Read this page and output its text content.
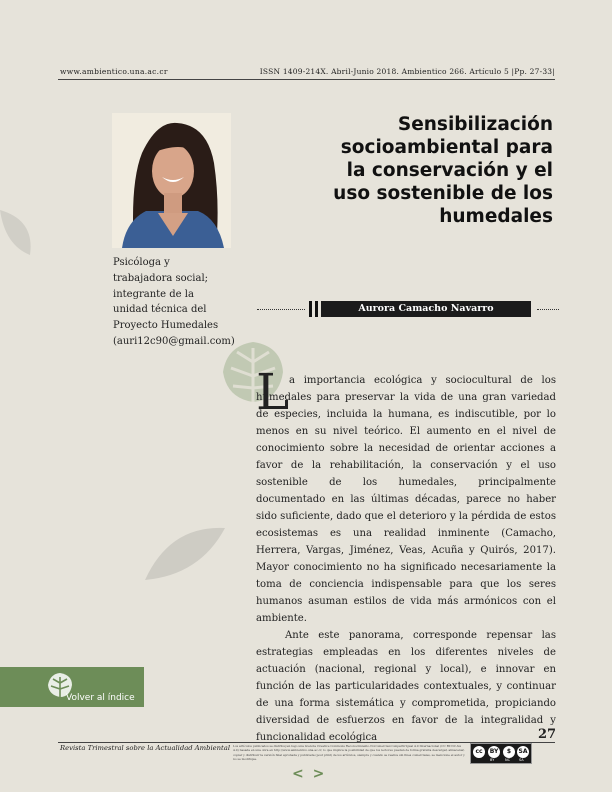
www.ambientico.una.ac.cr	ISSN 1409-214X. Abril-Junio 2018. Ambientico 266. Artículo 5 |Pp. 27-33|
Sensibilización
socioambiental para
la conservación y el
uso sostenible de los
humedales
Psicóloga y
trabajadora social;
integrante de la
unidad técnica del
Proyecto Humedales
(auri12c90@gmail.com)
Aurora Camacho Navarro
L a importancia ecológica y sociocultural de los humedales para preservar la vida de una gran variedad de especies, incluida la humana, es indiscutible, por lo menos en su nivel teórico. El aumento en el nivel de conocimiento sobre la necesidad de orientar acciones a favor de la rehabilitación, la conservación y el uso sostenible de los humedales, principalmente documentado en las últimas décadas, parece no haber sido suficiente, dado que el deterioro y la pérdida de estos ecosistemas es una realidad inminente (Camacho, Herrera, Vargas, Jiménez, Veas, Acuña y Quirós, 2017). Mayor conocimiento no ha significado necesariamente la toma de conciencia indispensable para que los seres humanos asuman estilos de vida más armónicos con el ambiente.

Ante este panorama, corresponde repensar las estrategias empleadas en los diferentes niveles de actuación (nacional, regional y local), e innovar en función de las particularidades contextuales, y continuar de una forma sistemática y comprometida, propiciando diversidad de esfuerzos en favor de la integralidad y funcionalidad ecológica

Volver al índice
27
Revista Trimestral sobre la Actualidad Ambiental Los artículos publicados se distribuyen bajo una licencia Creative Commons Reconocimiento-NoComercial-CompartirIgual 4.0 Internacional (CC BY-NC-SA 4.0) basada en una obra en http://www.ambientico.una.ac.cr, lo que implica la posibilidad de que los lectores puedan de forma gratuita descargar, almacenar, copiar y distribuir la versión final aprobada y publicada (post print) de los artículos, siempre y cuando se realice sin fines comerciales, se mencione el autor y no se modifique.
cc	BY	$	SA
BY	NC	SA
< >
